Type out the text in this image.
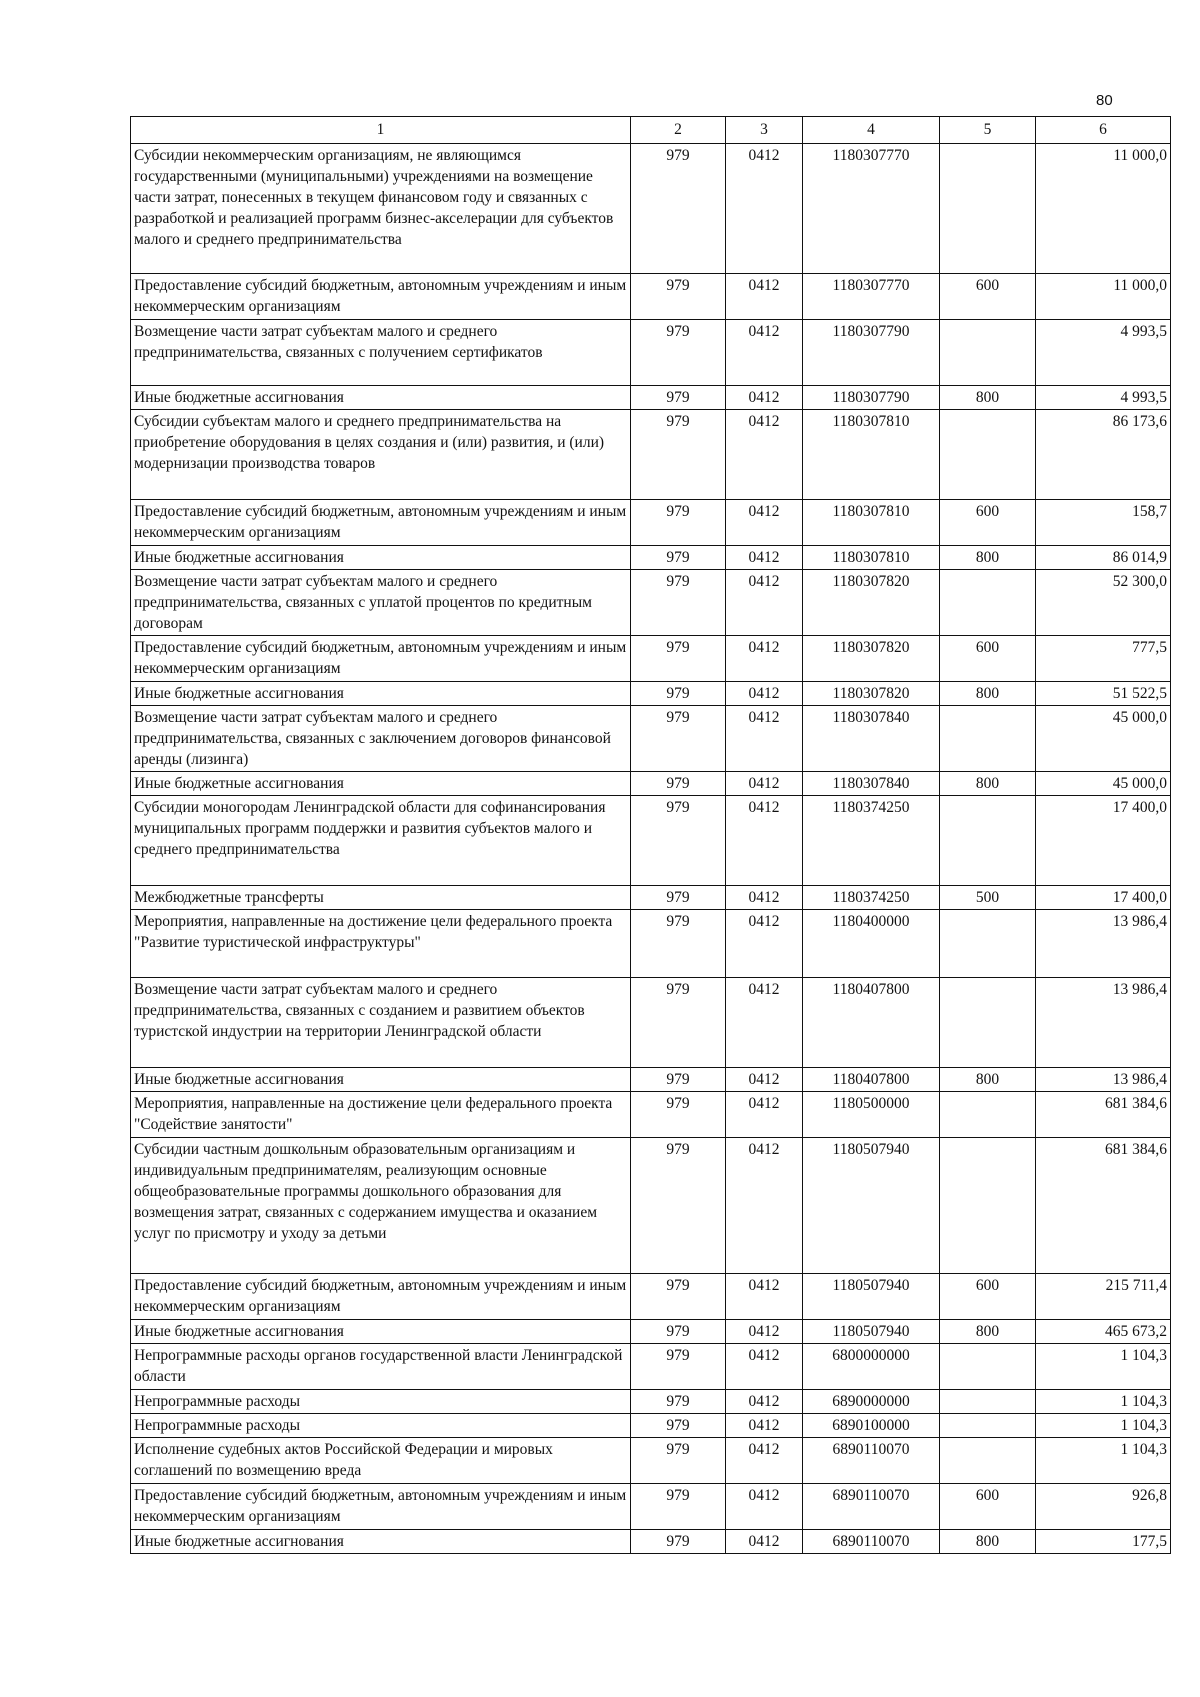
80
1	2	3	4	5	6
Субсидии некоммерческим организациям, не являющимся государственными (муниципальными) учреждениями на возмещение части затрат, понесенных в текущем финансовом году и связанных с разработкой и реализацией программ бизнес-акселерации для субъектов малого и среднего предпринимательства	979	0412	1180307770		11 000,0
Предоставление субсидий бюджетным, автономным учреждениям и иным некоммерческим организациям	979	0412	1180307770	600	11 000,0
Возмещение части затрат субъектам малого и среднего предпринимательства, связанных с получением сертификатов	979	0412	1180307790		4 993,5
Иные бюджетные ассигнования	979	0412	1180307790	800	4 993,5
Субсидии субъектам малого и среднего предпринимательства на приобретение оборудования в целях создания и (или) развития, и (или) модернизации производства товаров	979	0412	1180307810		86 173,6
Предоставление субсидий бюджетным, автономным учреждениям и иным некоммерческим организациям	979	0412	1180307810	600	158,7
Иные бюджетные ассигнования	979	0412	1180307810	800	86 014,9
Возмещение части затрат субъектам малого и среднего предпринимательства, связанных с уплатой процентов по кредитным договорам	979	0412	1180307820		52 300,0
Предоставление субсидий бюджетным, автономным учреждениям и иным некоммерческим организациям	979	0412	1180307820	600	777,5
Иные бюджетные ассигнования	979	0412	1180307820	800	51 522,5
Возмещение части затрат субъектам малого и среднего предпринимательства, связанных с заключением договоров финансовой аренды (лизинга)	979	0412	1180307840		45 000,0
Иные бюджетные ассигнования	979	0412	1180307840	800	45 000,0
Субсидии моногородам Ленинградской области для софинансирования муниципальных программ поддержки и развития субъектов малого и среднего предпринимательства	979	0412	1180374250		17 400,0
Межбюджетные трансферты	979	0412	1180374250	500	17 400,0
Мероприятия, направленные на достижение цели федерального проекта "Развитие туристической инфраструктуры"	979	0412	1180400000		13 986,4
Возмещение части затрат субъектам малого и среднего предпринимательства, связанных с созданием и развитием объектов туристской индустрии на территории Ленинградской области	979	0412	1180407800		13 986,4
Иные бюджетные ассигнования	979	0412	1180407800	800	13 986,4
Мероприятия, направленные на достижение цели федерального проекта "Содействие занятости"	979	0412	1180500000		681 384,6
Субсидии частным дошкольным образовательным организациям и индивидуальным предпринимателям, реализующим основные общеобразовательные программы дошкольного образования для возмещения затрат, связанных с содержанием имущества и оказанием услуг по присмотру и уходу за детьми	979	0412	1180507940		681 384,6
Предоставление субсидий бюджетным, автономным учреждениям и иным некоммерческим организациям	979	0412	1180507940	600	215 711,4
Иные бюджетные ассигнования	979	0412	1180507940	800	465 673,2
Непрограммные расходы органов государственной власти Ленинградской области	979	0412	6800000000		1 104,3
Непрограммные расходы	979	0412	6890000000		1 104,3
Непрограммные расходы	979	0412	6890100000		1 104,3
Исполнение судебных актов Российской Федерации и мировых соглашений по возмещению вреда	979	0412	6890110070		1 104,3
Предоставление субсидий бюджетным, автономным учреждениям и иным некоммерческим организациям	979	0412	6890110070	600	926,8
Иные бюджетные ассигнования	979	0412	6890110070	800	177,5
